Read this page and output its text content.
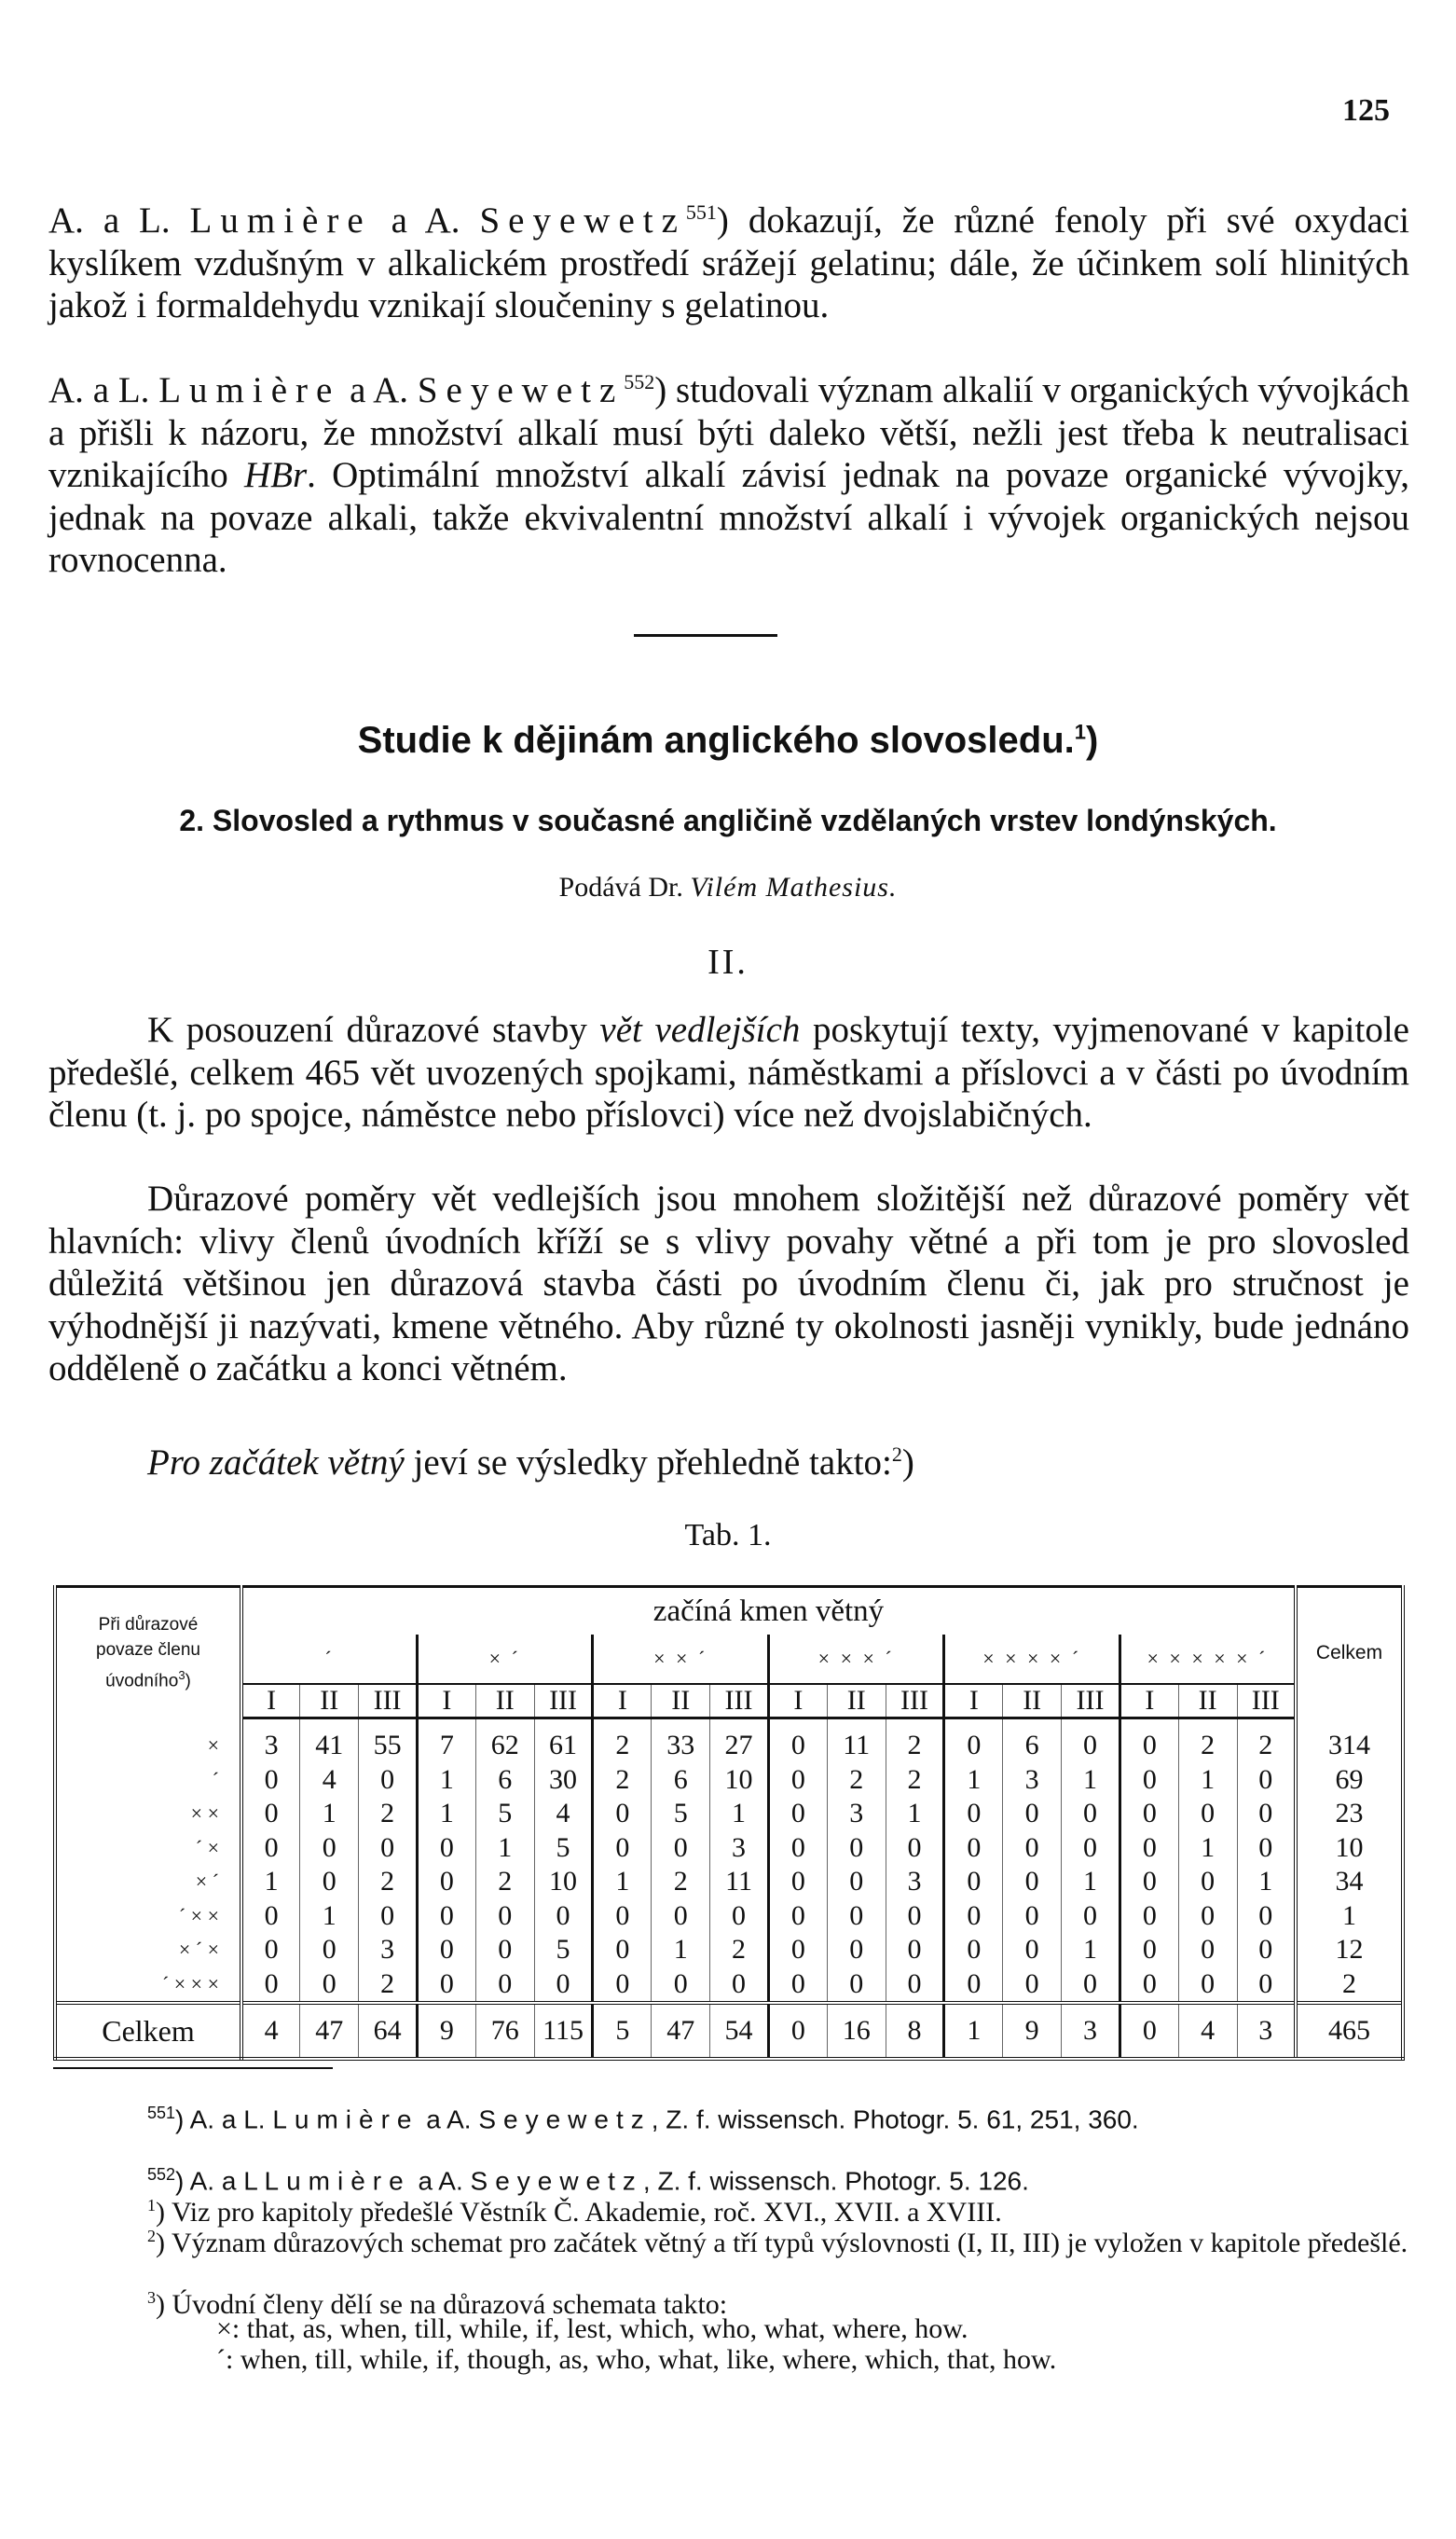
125

A. a L. Lumière a A. Seyewetz$^{551}$) dokazují, že různé fenoly při své oxydaci kyslíkem vzdušným v alkalickém prostředí srážejí gelatinu; dále, že účinkem solí hlinitých jakož i formaldehydu vznikají sloučeniny s gelatinou.

A. a L. Lumière a A. Seyewetz$^{552}$) studovali význam alkalií v organických vývojkách a přišli k názoru, že množství alkalí musí býti daleko větší, nežli jest třeba k neutralisaci vznikajícího HBr. Optimální množství alkalí závisí jednak na povaze organické vývojky, jednak na povaze alkali, takže ekvivalentní množství alkalí i vývojek organických nejsou rovnocenna.

Studie k dějinám anglického slovosledu.$^1$)
2. Slovosled a rythmus v současné angličině vzdělaných vrstev londýnských.
Podává Dr. Vilém Mathesius.
II.

K posouzení důrazové stavby vět vedlejších poskytují texty, vyjmenované v kapitole předešlé, celkem 465 vět uvozených spojkami, náměstkami a příslovci a v části po úvodním členu (t. j. po spojce, náměstce nebo příslovci) více než dvojslabičných.

Důrazové poměry vět vedlejších jsou mnohem složitější než důrazové poměry vět hlavních: vlivy členů úvodních kříží se s vlivy povahy větné a při tom je pro slovosled důležitá většinou jen důrazová stavba části po úvodním členu či, jak pro stručnost je výhodnější ji nazývati, kmene větného. Aby různé ty okolnosti jasněji vynikly, bude jednáno odděleně o začátku a konci větném.

Pro začátek větný jeví se výsledky přehledně takto:$^2$)

Tab. 1.
Při důrazové
povaze členu
úvodního$^3$)	začíná kmen větný																		Celkem
	ˊ			× ˊ			× × ˊ			× × × ˊ			× × × × ˊ			× × × × × ˊ			
	I	II	III	I	II	III	I	II	III	I	II	III	I	II	III	I	II	III	
×	3	41	55	7	62	61	2	33	27	0	11	2	0	6	0	0	2	2	314
ˊ	0	4	0	1	6	30	2	6	10	0	2	2	1	3	1	0	1	0	69
× ×	0	1	2	1	5	4	0	5	1	0	3	1	0	0	0	0	0	0	23
ˊ ×	0	0	0	0	1	5	0	0	3	0	0	0	0	0	0	0	1	0	10
× ˊ	1	0	2	0	2	10	1	2	11	0	0	3	0	0	1	0	0	1	34
ˊ × ×	0	1	0	0	0	0	0	0	0	0	0	0	0	0	0	0	0	0	1
× ˊ ×	0	0	3	0	0	5	0	1	2	0	0	0	0	0	1	0	0	0	12
ˊ × × ×	0	0	2	0	0	0	0	0	0	0	0	0	0	0	0	0	0	0	2
Celkem	4	47	64	9	76	115	5	47	54	0	16	8	1	9	3	0	4	3	465

$^{551}$) A. a L. Lumière a A. Seyewetz, Z. f. wissensch. Photogr. 5. 61, 251, 360.

$^{552}$) A. a L Lumière a A. Seyewetz, Z. f. wissensch. Photogr. 5. 126.

$^1$) Viz pro kapitoly předešlé Věstník Č. Akademie, roč. XVI., XVII. a XVIII.

$^2$) Význam důrazových schemat pro začátek větný a tří typů výslovnosti (I, II, III) je vyložen v kapitole předešlé.

$^3$) Úvodní členy dělí se na důrazová schemata takto:

×: that, as, when, till, while, if, lest, which, who, what, where, how.

ˊ: when, till, while, if, though, as, who, what, like, where, which, that, how.
